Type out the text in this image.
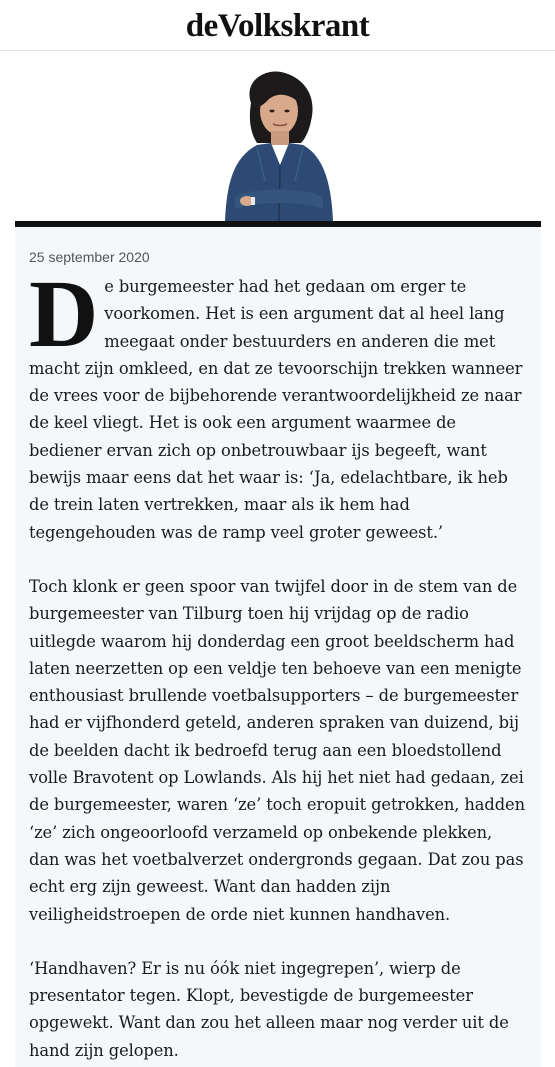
deVolkskrant
25 september 2020

De burgemeester had het gedaan om erger te voorkomen. Het is een argument dat al heel lang meegaat onder bestuurders en anderen die met macht zijn omkleed, en dat ze tevoorschijn trekken wanneer de vrees voor de bijbehorende verantwoordelijkheid ze naar de keel vliegt. Het is ook een argument waarmee de bediener ervan zich op onbetrouwbaar ijs begeeft, want bewijs maar eens dat het waar is: ‘Ja, edelachtbare, ik heb de trein laten vertrekken, maar als ik hem had tegengehouden was de ramp veel groter geweest.’

Toch klonk er geen spoor van twijfel door in de stem van de burgemeester van Tilburg toen hij vrijdag op de radio uitlegde waarom hij donderdag een groot beeldscherm had laten neerzetten op een veldje ten behoeve van een menigte enthousiast brullende voetbalsupporters – de burgemeester had er vijfhonderd geteld, anderen spraken van duizend, bij de beelden dacht ik bedroefd terug aan een bloedstollend volle Bravotent op Lowlands. Als hij het niet had gedaan, zei de burgemeester, waren ‘ze’ toch eropuit getrokken, hadden ‘ze’ zich ongeoorloofd verzameld op onbekende plekken, dan was het voetbalverzet ondergronds gegaan. Dat zou pas echt erg zijn geweest. Want dan hadden zijn veiligheidstroepen de orde niet kunnen handhaven.

‘Handhaven? Er is nu óók niet ingegrepen’, wierp de presentator tegen. Klopt, bevestigde de burgemeester opgewekt. Want dan zou het alleen maar nog verder uit de hand zijn gelopen.
